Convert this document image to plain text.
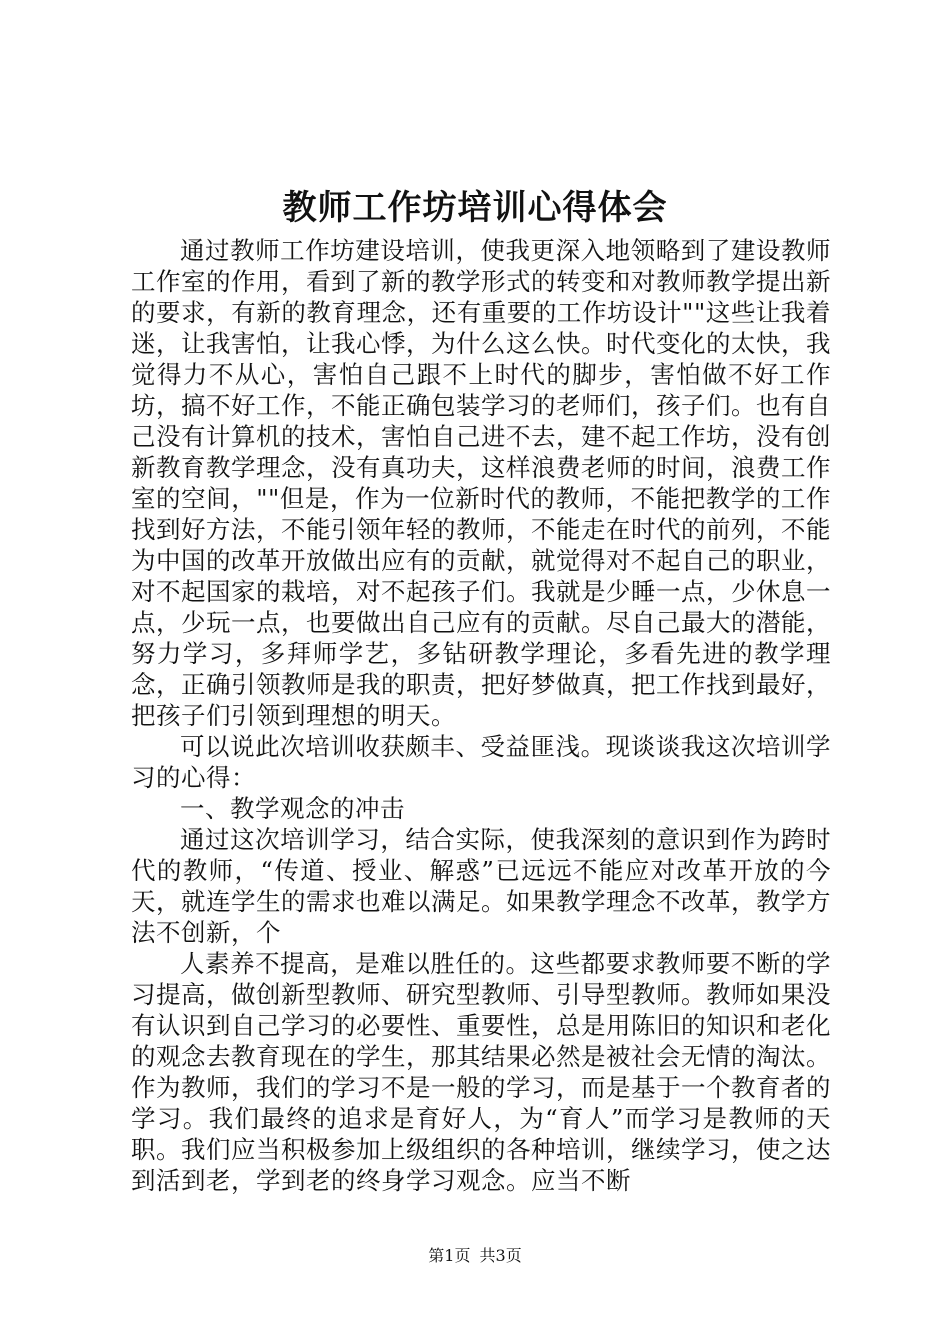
教师工作坊培训心得体会

通过教师工作坊建设培训，使我更深入地领略到了建设教师工作室的作用，看到了新的教学形式的转变和对教师教学提出新的要求，有新的教育理念，还有重要的工作坊设计""这些让我着迷，让我害怕，让我心悸，为什么这么快。时代变化的太快，我觉得力不从心，害怕自己跟不上时代的脚步，害怕做不好工作坊，搞不好工作，不能正确包装学习的老师们，孩子们。也有自己没有计算机的技术，害怕自己进不去，建不起工作坊，没有创新教育教学理念，没有真功夫，这样浪费老师的时间，浪费工作室的空间，""但是，作为一位新时代的教师，不能把教学的工作找到好方法，不能引领年轻的教师，不能走在时代的前列，不能为中国的改革开放做出应有的贡献，就觉得对不起自己的职业，对不起国家的栽培，对不起孩子们。我就是少睡一点，少休息一点，少玩一点，也要做出自己应有的贡献。尽自己最大的潜能，努力学习，多拜师学艺，多钻研教学理论，多看先进的教学理念，正确引领教师是我的职责，把好梦做真，把工作找到最好，把孩子们引领到理想的明天。

可以说此次培训收获颇丰、受益匪浅。现谈谈我这次培训学习的心得：

一、教学观念的冲击

通过这次培训学习，结合实际，使我深刻的意识到作为跨时代的教师，“传道、授业、解惑”已远远不能应对改革开放的今天，就连学生的需求也难以满足。如果教学理念不改革，教学方法不创新，个

人素养不提高，是难以胜任的。这些都要求教师要不断的学习提高，做创新型教师、研究型教师、引导型教师。教师如果没有认识到自己学习的必要性、重要性，总是用陈旧的知识和老化的观念去教育现在的学生，那其结果必然是被社会无情的淘汰。作为教师，我们的学习不是一般的学习，而是基于一个教育者的学习。我们最终的追求是育好人，为“育人”而学习是教师的天职。我们应当积极参加上级组织的各种培训，继续学习，使之达到活到老，学到老的终身学习观念。应当不断

第1页 共3页
